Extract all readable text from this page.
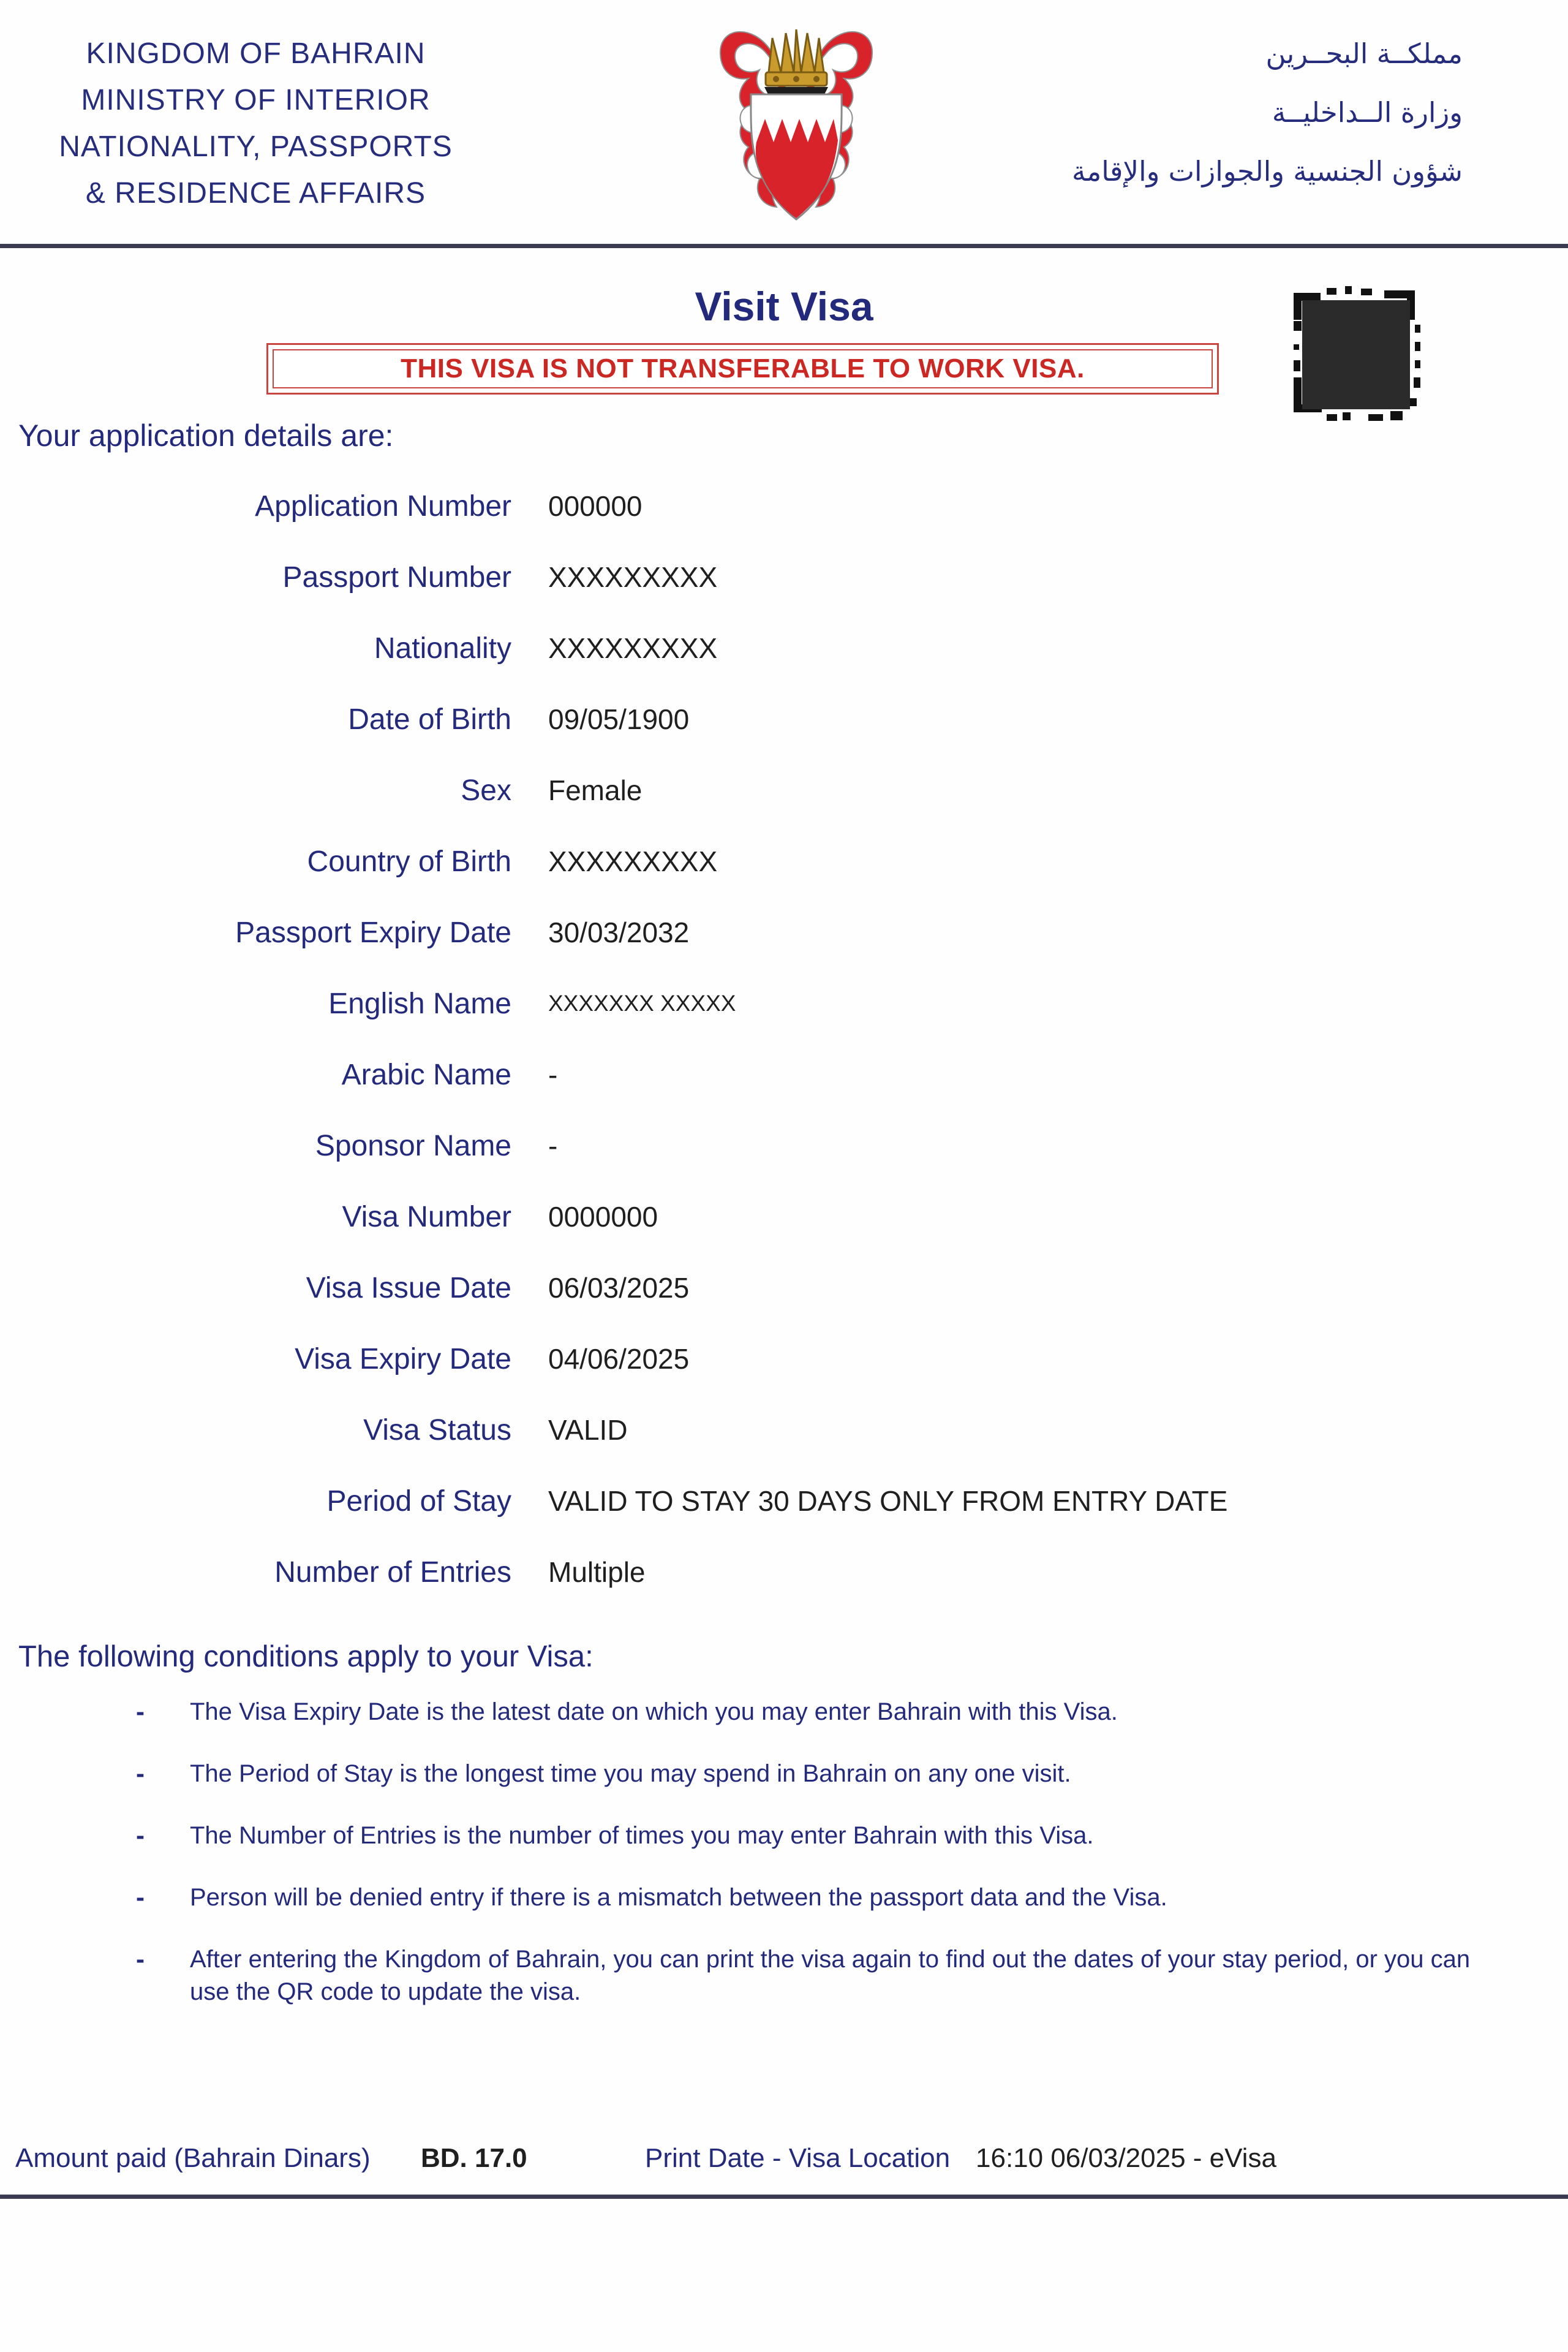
KINGDOM OF BAHRAIN
MINISTRY OF INTERIOR
NATIONALITY, PASSPORTS
& RESIDENCE AFFAIRS
مملكــة البحــرين
وزارة الــداخليــة
شؤون الجنسية والجوازات والإقامة
Visit Visa
THIS VISA IS NOT TRANSFERABLE TO WORK VISA.
Your application details are:
Application Number 000000
Passport Number XXXXXXXXX
Nationality XXXXXXXXX
Date of Birth 09/05/1900
Sex Female
Country of Birth XXXXXXXXX
Passport Expiry Date 30/03/2032
English Name XXXXXXX XXXXX
Arabic Name -
Sponsor Name -
Visa Number 0000000
Visa Issue Date 06/03/2025
Visa Expiry Date 04/06/2025
Visa Status VALID
Period of Stay VALID TO STAY 30 DAYS ONLY FROM ENTRY DATE
Number of Entries Multiple
The following conditions apply to your Visa:
-	The Visa Expiry Date is the latest date on which you may enter Bahrain with this Visa.
-	The Period of Stay is the longest time you may spend in Bahrain on any one visit.
-	The Number of Entries is the number of times you may enter Bahrain with this Visa.
-	Person will be denied entry if there is a mismatch between the passport data and the Visa.
-	After entering the Kingdom of Bahrain, you can print the visa again to find out the dates of your stay period, or you can use the QR code to update the visa.
Amount paid (Bahrain Dinars) BD. 17.0	Print Date - Visa Location 16:10 06/03/2025 - eVisa
